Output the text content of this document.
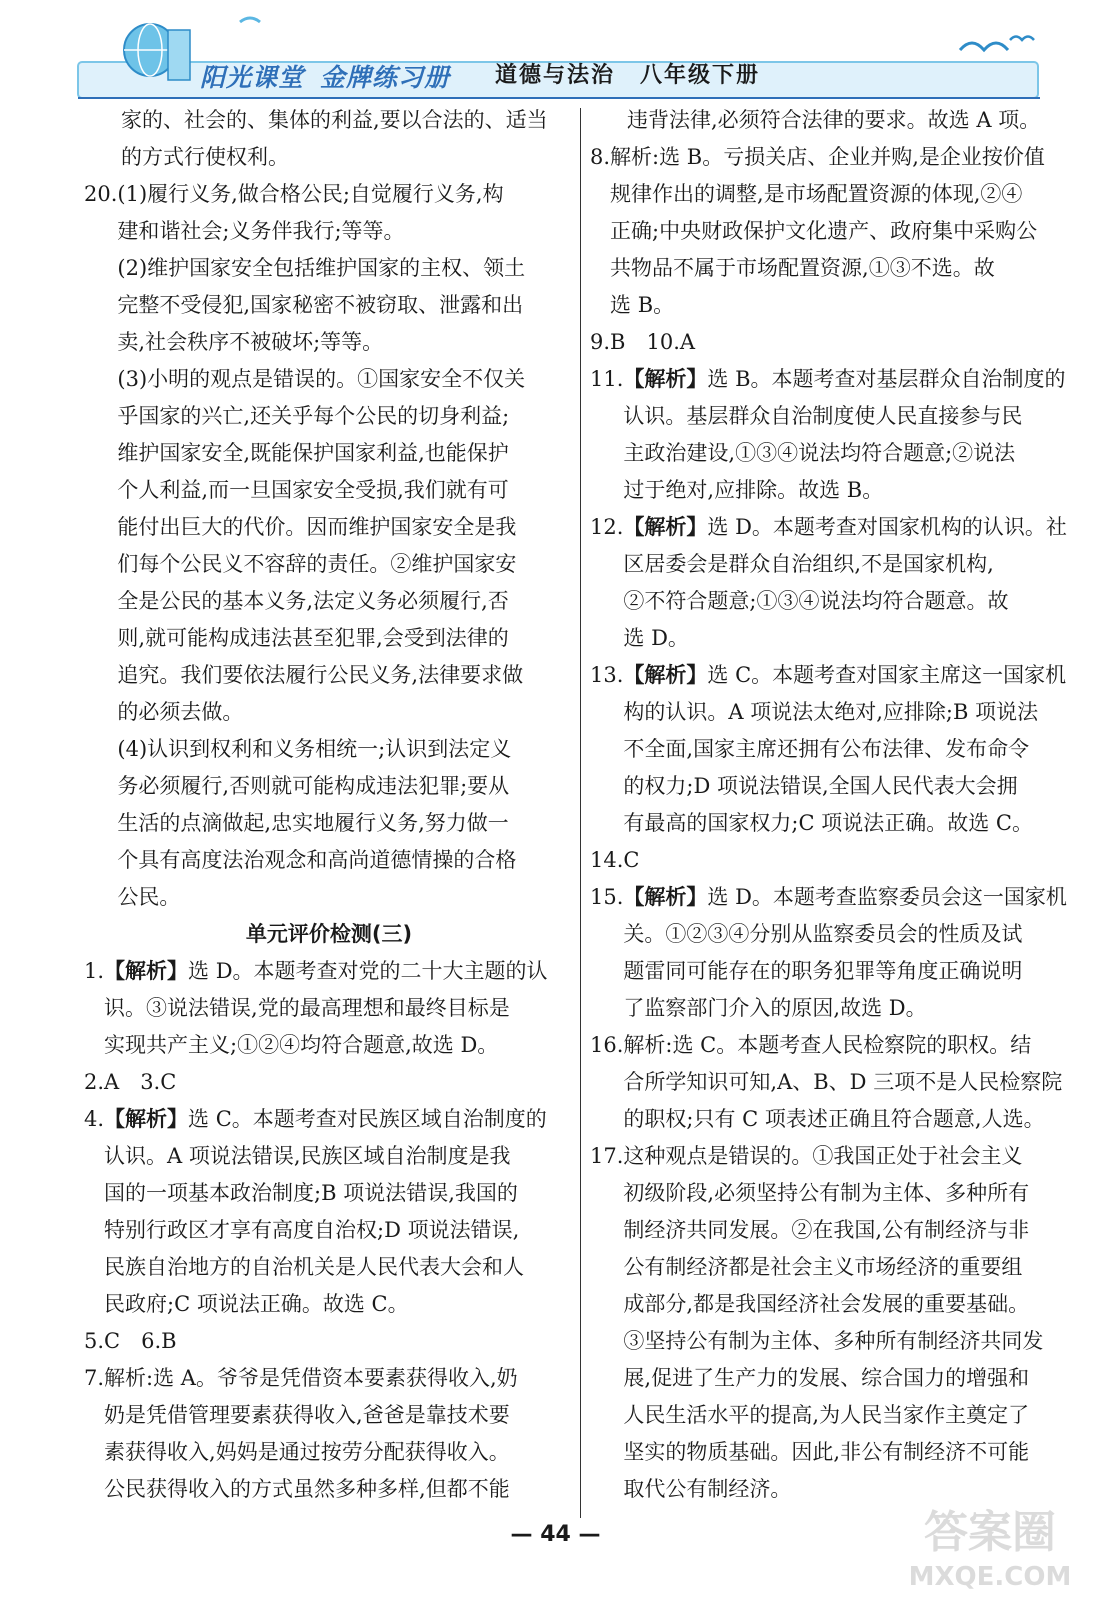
阳光课堂 金牌练习册 道德与法治 八年级下册
家的、社会的、集体的利益,要以合法的、适当
的方式行使权利。
20. (1)履行义务,做合格公民;自觉履行义务,构
建和谐社会;义务伴我行;等等。
(2)维护国家安全包括维护国家的主权、领土
完整不受侵犯,国家秘密不被窃取、泄露和出
卖,社会秩序不被破坏;等等。
(3)小明的观点是错误的。①国家安全不仅关
乎国家的兴亡,还关乎每个公民的切身利益;
维护国家安全,既能保护国家利益,也能保护
个人利益,而一旦国家安全受损,我们就有可
能付出巨大的代价。因而维护国家安全是我
们每个公民义不容辞的责任。②维护国家安
全是公民的基本义务,法定义务必须履行,否
则,就可能构成违法甚至犯罪,会受到法律的
追究。我们要依法履行公民义务,法律要求做
的必须去做。
(4)认识到权利和义务相统一;认识到法定义
务必须履行,否则就可能构成违法犯罪;要从
生活的点滴做起,忠实地履行义务,努力做一
个具有高度法治观念和高尚道德情操的合格
公民。
单元评价检测(三)
1. 【解析】选 D。本题考查对党的二十大主题的认
识。③说法错误,党的最高理想和最终目标是
实现共产主义;①②④均符合题意,故选 D。
2.A　3.C
4. 【解析】选 C。本题考查对民族区域自治制度的
认识。A 项说法错误,民族区域自治制度是我
国的一项基本政治制度;B 项说法错误,我国的
特别行政区才享有高度自治权;D 项说法错误,
民族自治地方的自治机关是人民代表大会和人
民政府;C 项说法正确。故选 C。
5.C　6.B
7. 解析:选 A。爷爷是凭借资本要素获得收入,奶
奶是凭借管理要素获得收入,爸爸是靠技术要
素获得收入,妈妈是通过按劳分配获得收入。
公民获得收入的方式虽然多种多样,但都不能
违背法律,必须符合法律的要求。故选 A 项。
8. 解析:选 B。亏损关店、企业并购,是企业按价值
规律作出的调整,是市场配置资源的体现,②④
正确;中央财政保护文化遗产、政府集中采购公
共物品不属于市场配置资源,①③不选。故
选 B。
9.B　10.A
11. 【解析】选 B。本题考查对基层群众自治制度的
认识。基层群众自治制度使人民直接参与民
主政治建设,①③④说法均符合题意;②说法
过于绝对,应排除。故选 B。
12. 【解析】选 D。本题考查对国家机构的认识。社
区居委会是群众自治组织,不是国家机构,
②不符合题意;①③④说法均符合题意。故
选 D。
13. 【解析】选 C。本题考查对国家主席这一国家机
构的认识。A 项说法太绝对,应排除;B 项说法
不全面,国家主席还拥有公布法律、发布命令
的权力;D 项说法错误,全国人民代表大会拥
有最高的国家权力;C 项说法正确。故选 C。
14.C
15. 【解析】选 D。本题考查监察委员会这一国家机
关。①②③④分别从监察委员会的性质及试
题雷同可能存在的职务犯罪等角度正确说明
了监察部门介入的原因,故选 D。
16. 解析:选 C。本题考查人民检察院的职权。结
合所学知识可知,A、B、D 三项不是人民检察院
的职权;只有 C 项表述正确且符合题意,人选。
17. 这种观点是错误的。①我国正处于社会主义
初级阶段,必须坚持公有制为主体、多种所有
制经济共同发展。②在我国,公有制经济与非
公有制经济都是社会主义市场经济的重要组
成部分,都是我国经济社会发展的重要基础。
③坚持公有制为主体、多种所有制经济共同发
展,促进了生产力的发展、综合国力的增强和
人民生活水平的提高,为人民当家作主奠定了
坚实的物质基础。因此,非公有制经济不可能
取代公有制经济。
— 44 —	答案圈
MXQE.COM
